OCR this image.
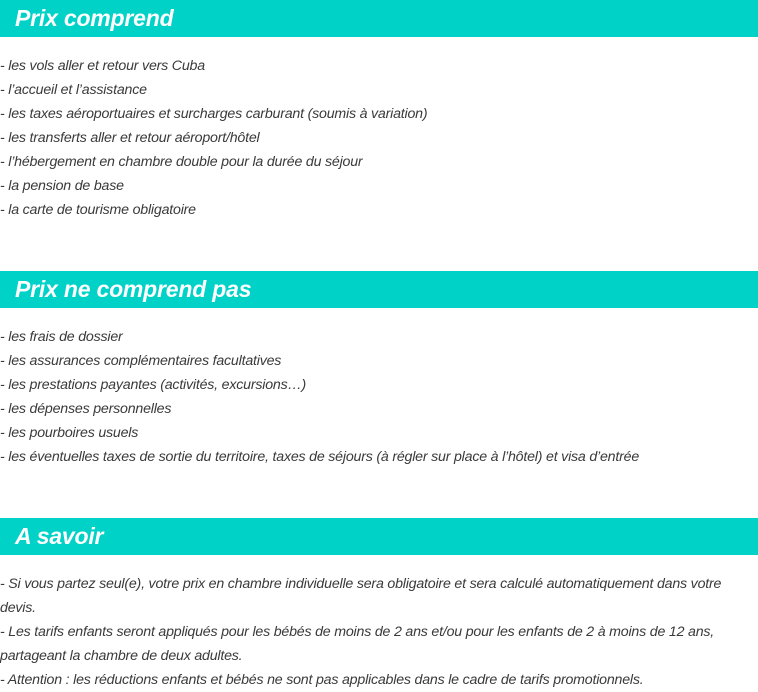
Prix comprend
- les vols aller et retour vers Cuba
- l’accueil et l’assistance
- les taxes aéroportuaires et surcharges carburant (soumis à variation)
- les transferts aller et retour aéroport/hôtel
- l’hébergement en chambre double pour la durée du séjour
- la pension de base
- la carte de tourisme obligatoire
Prix ne comprend pas
- les frais de dossier
- les assurances complémentaires facultatives
- les prestations payantes (activités, excursions…)
- les dépenses personnelles
- les pourboires usuels
- les éventuelles taxes de sortie du territoire, taxes de séjours (à régler sur place à l’hôtel) et visa d’entrée
A savoir
- Si vous partez seul(e), votre prix en chambre individuelle sera obligatoire et sera calculé automatiquement dans votre devis.
- Les tarifs enfants seront appliqués pour les bébés de moins de 2 ans et/ou pour les enfants de 2 à moins de 12 ans, partageant la chambre de deux adultes.
- Attention : les réductions enfants et bébés ne sont pas applicables dans le cadre de tarifs promotionnels.
